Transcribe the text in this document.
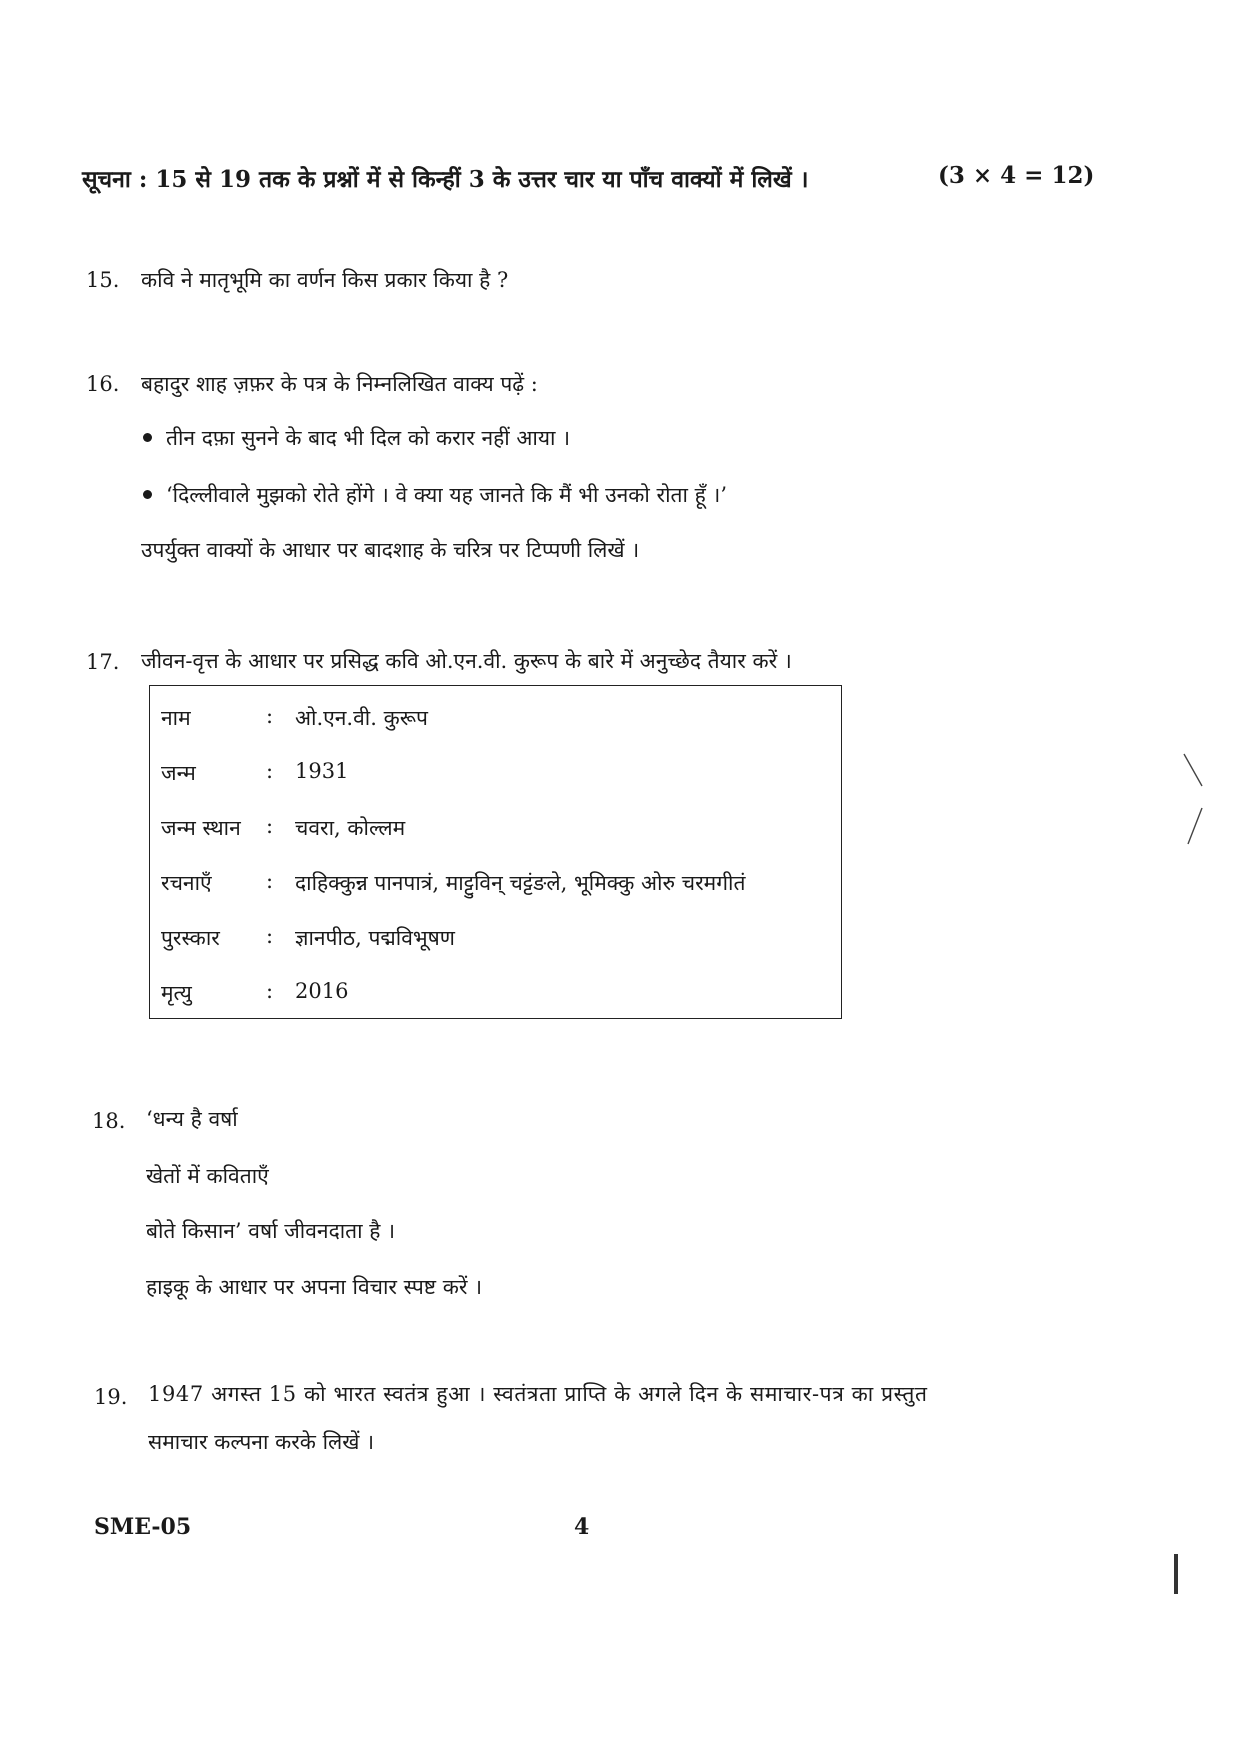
सूचना : 15 से 19 तक के प्रश्नों में से किन्हीं 3 के उत्तर चार या पाँच वाक्यों में लिखें ।	(3 × 4 = 12)
15. कवि ने मातृभूमि का वर्णन किस प्रकार किया है ?
16. बहादुर शाह ज़फ़र के पत्र के निम्नलिखित वाक्य पढ़ें :
तीन दफ़ा सुनने के बाद भी दिल को करार नहीं आया ।
‘दिल्लीवाले मुझको रोते होंगे । वे क्या यह जानते कि मैं भी उनको रोता हूँ ।’
उपर्युक्त वाक्यों के आधार पर बादशाह के चरित्र पर टिप्पणी लिखें ।
17. जीवन-वृत्त के आधार पर प्रसिद्ध कवि ओ.एन.वी. कुरूप के बारे में अनुच्छेद तैयार करें ।
नाम	: ओ.एन.वी. कुरूप
जन्म	: 1931
जन्म स्थान : चवरा, कोल्लम
रचनाएँ	: दाहिक्कुन्न पानपात्रं, माट्टुविन् चट्टंङले, भूमिक्कु ओरु चरमगीतं
पुरस्कार : ज्ञानपीठ, पद्मविभूषण
मृत्यु	: 2016
18. ‘धन्य है वर्षा
खेतों में कविताएँ
बोते किसान’ वर्षा जीवनदाता है ।
हाइकू के आधार पर अपना विचार स्पष्ट करें ।
19. 1947 अगस्त 15 को भारत स्वतंत्र हुआ । स्वतंत्रता प्राप्ति के अगले दिन के समाचार-पत्र का प्रस्तुत
समाचार कल्पना करके लिखें ।
SME-05	4
